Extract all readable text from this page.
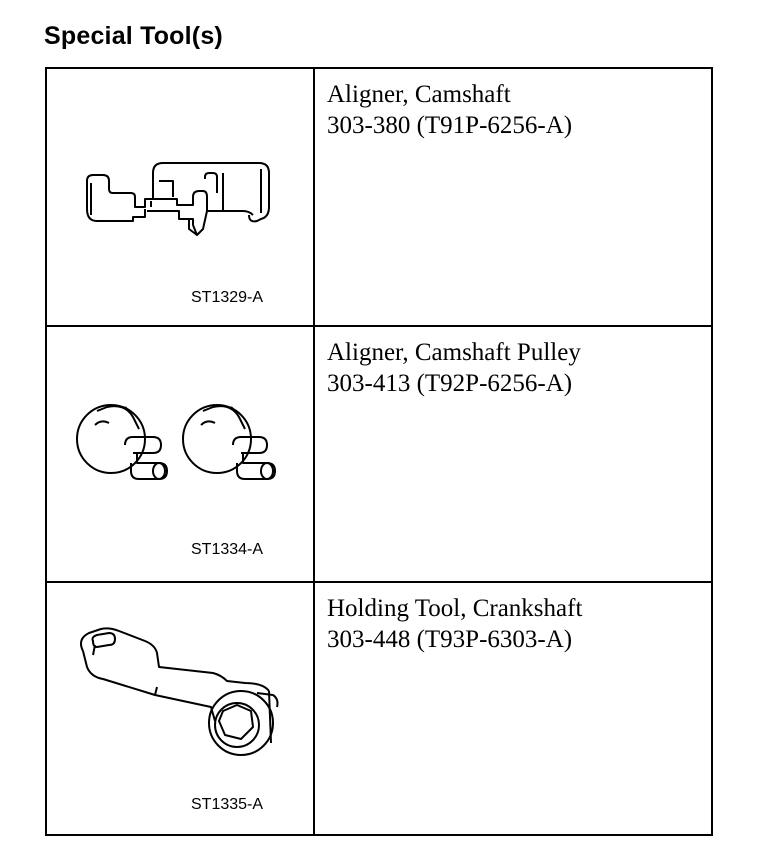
Special Tool(s)
ST1329-A
Aligner, Camshaft
303-380 (T91P-6256-A)
ST1334-A
Aligner, Camshaft Pulley
303-413 (T92P-6256-A)
ST1335-A
Holding Tool, Crankshaft
303-448 (T93P-6303-A)
